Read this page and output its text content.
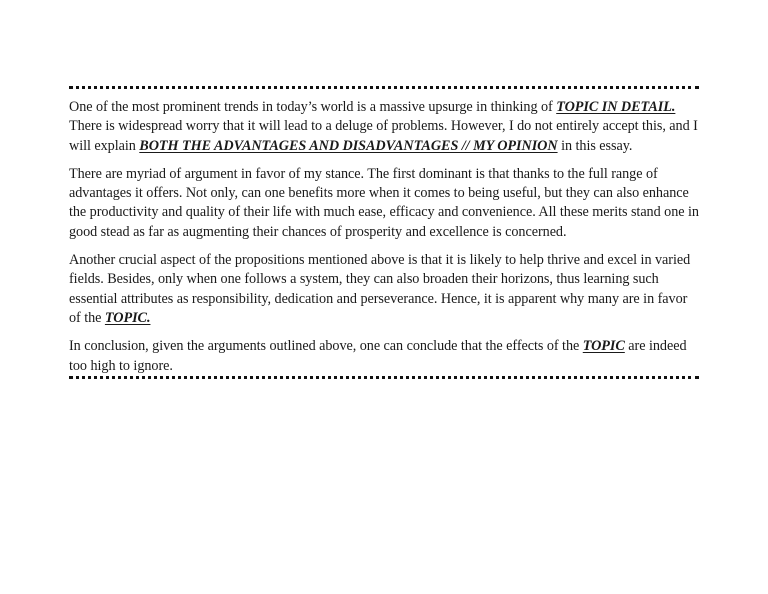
One of the most prominent trends in today’s world is a massive upsurge in thinking of TOPIC IN DETAIL. There is widespread worry that it will lead to a deluge of problems. However, I do not entirely accept this, and I will explain BOTH THE ADVANTAGES AND DISADVANTAGES // MY OPINION in this essay.

There are myriad of argument in favor of my stance. The first dominant is that thanks to the full range of advantages it offers. Not only, can one benefits more when it comes to being useful, but they can also enhance the productivity and quality of their life with much ease, efficacy and convenience. All these merits stand one in good stead as far as augmenting their chances of prosperity and excellence is concerned.

Another crucial aspect of the propositions mentioned above is that it is likely to help thrive and excel in varied fields. Besides, only when one follows a system, they can also broaden their horizons, thus learning such essential attributes as responsibility, dedication and perseverance. Hence, it is apparent why many are in favor of the TOPIC.

In conclusion, given the arguments outlined above, one can conclude that the effects of the TOPIC are indeed too high to ignore.
